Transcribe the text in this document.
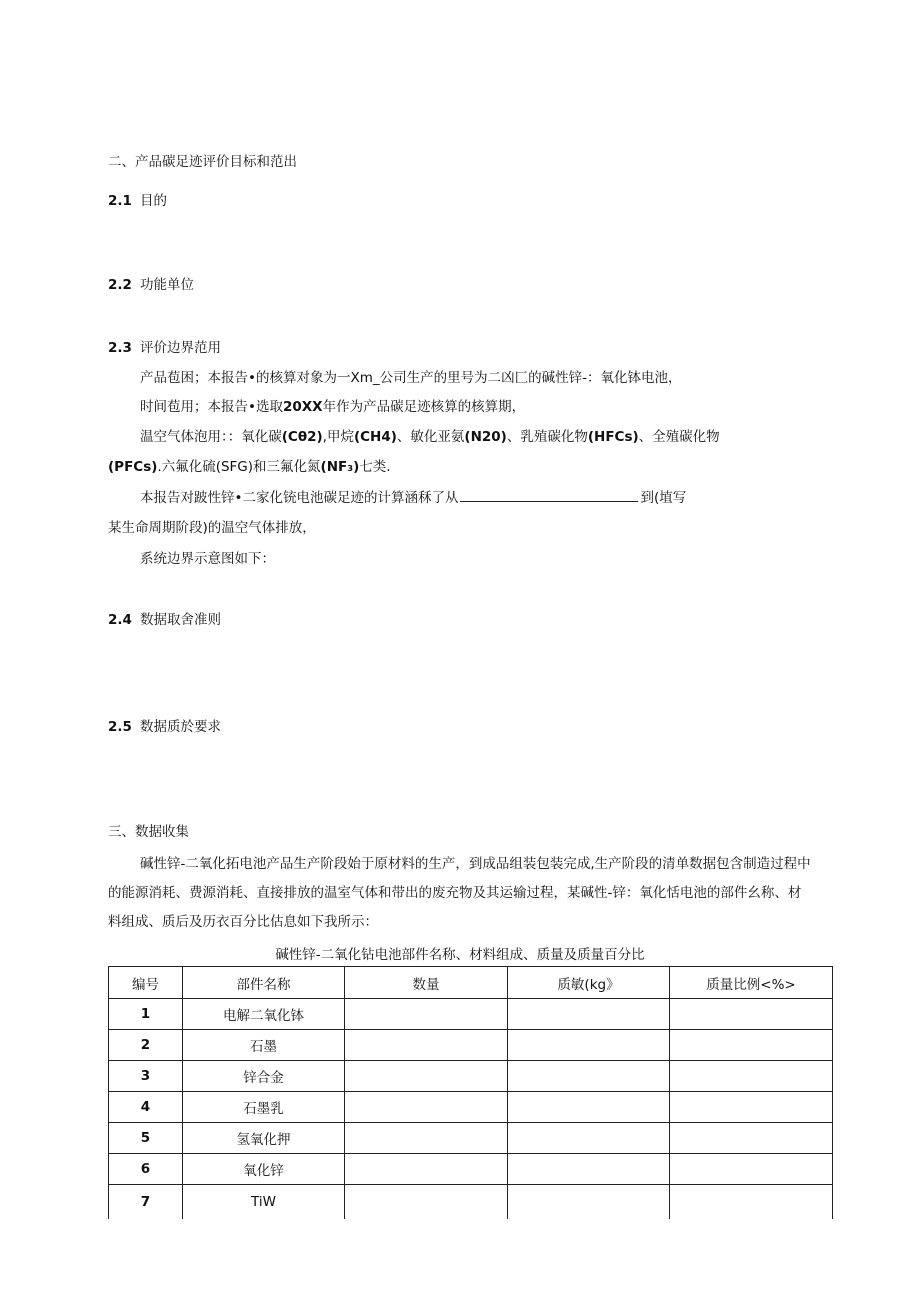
二、产品碳足迹评价目标和范出
2.1 目的
2.2 功能单位
2.3 评价边界范用
产品苞困；本报告•的核算对象为一Xm_公司生产的里号为二凶匚的碱性锌-：氧化钵电池，
时间苞用；本报告•选取20XX年作为产品碳足迹核算的核算期，
温空气体泡用：：氧化碳(Cθ2),甲烷(CH4)、敏化亚氨(N20)、乳殖碳化物(HFCs)、全殖碳化物
(PFCs).六氟化硫(SFG)和三氟化氮(NF₃)七类.
本报告对跛性锌•二家化铳电池碳足迹的计算涵秝了从	到(埴写
某生命周期阶段)的温空气体排放，
系统边界示意图如下：
2.4 数据取舍准则
2.5 数据质於要求
三、数据收集
碱性锌-二氧化拓电池产品生产阶段始于原材料的生产，到成品组装包装完成,生产阶段的清单数据包含制造过程中
的能源消耗、费源消耗、直接排放的温室气体和带出的废充物及其运输过程，某碱性-锌：氧化恬电池的部件幺称、材
料组成、质后及历衣百分比估息如下我所示：
碱性锌-二氧化钻电池部件名称、材料组成、质量及质量百分比
编号	部件名称	数量	质敏(kg》	质量比例<%>
1	电解二氧化钵			
2	石墨			
3	锌合金			
4	石墨乳			
5	氢氧化押			
6	氧化锌			
7	TiW			
